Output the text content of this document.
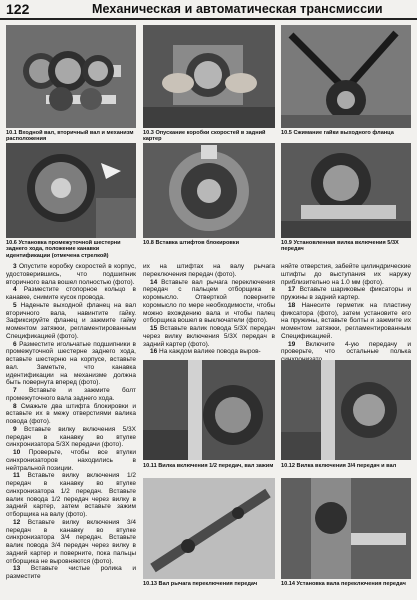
122	Механическая и автоматическая трансмиссии
10.1 Входной вал, вторичный вал и механизм расположения
10.3 Опускание коробки скоростей в задний картер
10.5 Сжимание гайки выходного фланца
10.6 Установка промежуточной шестерни заднего хода, положение канавки идентификации (отмечена стрелкой)
10.8 Вставка штифтов блокировки	10.9 Установленная вилка включения 5/3Х передач

3 Опустите коробку скоростей в корпус, удостоверившись, что подшипник вторичного вала вошел полностью (фото).

4 Разместите стопорное кольцо в канавке, снимите кусок провода.

5 Наденьте выходной фланец на вал вторичного вала, навинтите гайку. Зафиксируйте фланец и зажмите гайку моментом затяжки, регламентированным Спецификацией (фото).

6 Разместите игольчатые подшипники в промежуточной шестерне заднего хода, вставьте шестерню на корпусе, вставьте вал. Заметьте, что канавка идентификации на механизме должна быть повернута вперед (фото).

7 Вставьте и зажмите болт промежуточного вала заднего хода.

8 Смажьте два штифта блокировки и вставьте их в межу отверстиями валика повода (фото).

9 Вставьте вилку включения 5/3Х передач в канавку во втулке синхронизатора 5/3Х передачи (фото).

10 Проверьте, чтобы все втулки синхронизаторов находились в нейтральной позиции.

11 Вставьте вилку включения 1/2 передач в канавку во втулке синхронизатора 1/2 передач. Вставьте валик повода 1/2 передач через вилку в задний картер, затем вставьте зажим отборщика на валу (фото).

12 Вставьте вилку включения 3/4 передач в канавку во втулке синхронизатора 3/4 передач. Вставьте валик повода 3/4 передач через вилку в задний картер и поверните, пока пальцы отборщика не выровняются (фото).

13 Вставьте чистые ролика и разместите

их на штифтах на валу рычага переключения передач (фото).

14 Вставьте вал рычага переключения передач с пальцем отборщика в коромысло. Отверткой поверните коромысло по мере необходимости, чтобы можно вхождению вала и чтобы палец отборщика вошел в выключатели (фото).

15 Вставьте валик повода 5/3Х передач через вилку включения 5/3Х передач в задний картер (фото).

16 На каждом валике повода выров-

няйте отверстия, забейте цилиндрические штифты до выступания их наружу приблизительно на 1.0 мм (фото).

17 Вставьте шариковые фиксаторы и пружины в задний картер.

18 Нанесите герметик на пластину фиксатора (фото), затем установите его на пружины, вставьте болты и зажмите их моментом затяжки, регламентированным Спецификацией.

19 Включите 4-ую передачу и проверьте, что остальные полька

10.11 Вилка включения 1/2 передач, вал зажим	10.12 Вилка включения 3/4 передач и вал
10.13 Вал рычага переключения передач	10.14 Установка вала переключения передач
